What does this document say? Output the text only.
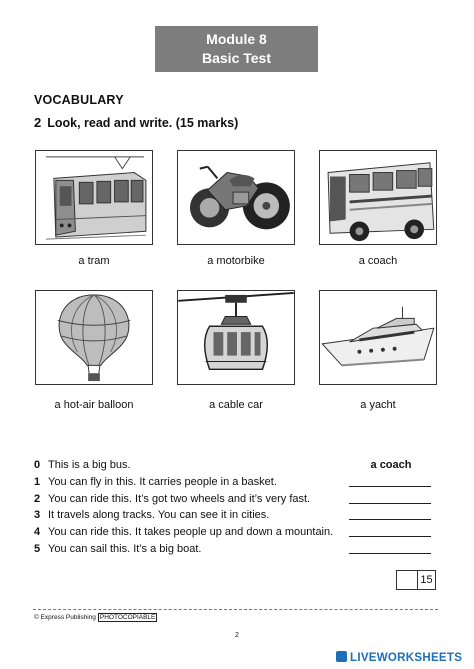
Module 8
Basic Test
VOCABULARY
2 Look, read and write. (15 marks)
a tram	a motorbike	a coach
a hot-air balloon	a cable car	a yacht
0 This is a big bus.	a coach
1 You can fly in this. It carries people in a basket.
2 You can ride this. It’s got two wheels and it’s very fast.
3 It travels along tracks. You can see it in cities.
4 You can ride this. It takes people up and down a mountain.
5 You can sail this. It’s a big boat.
15
© Express Publishing PHOTOCOPIABLE
2
LIVEWORKSHEETS
